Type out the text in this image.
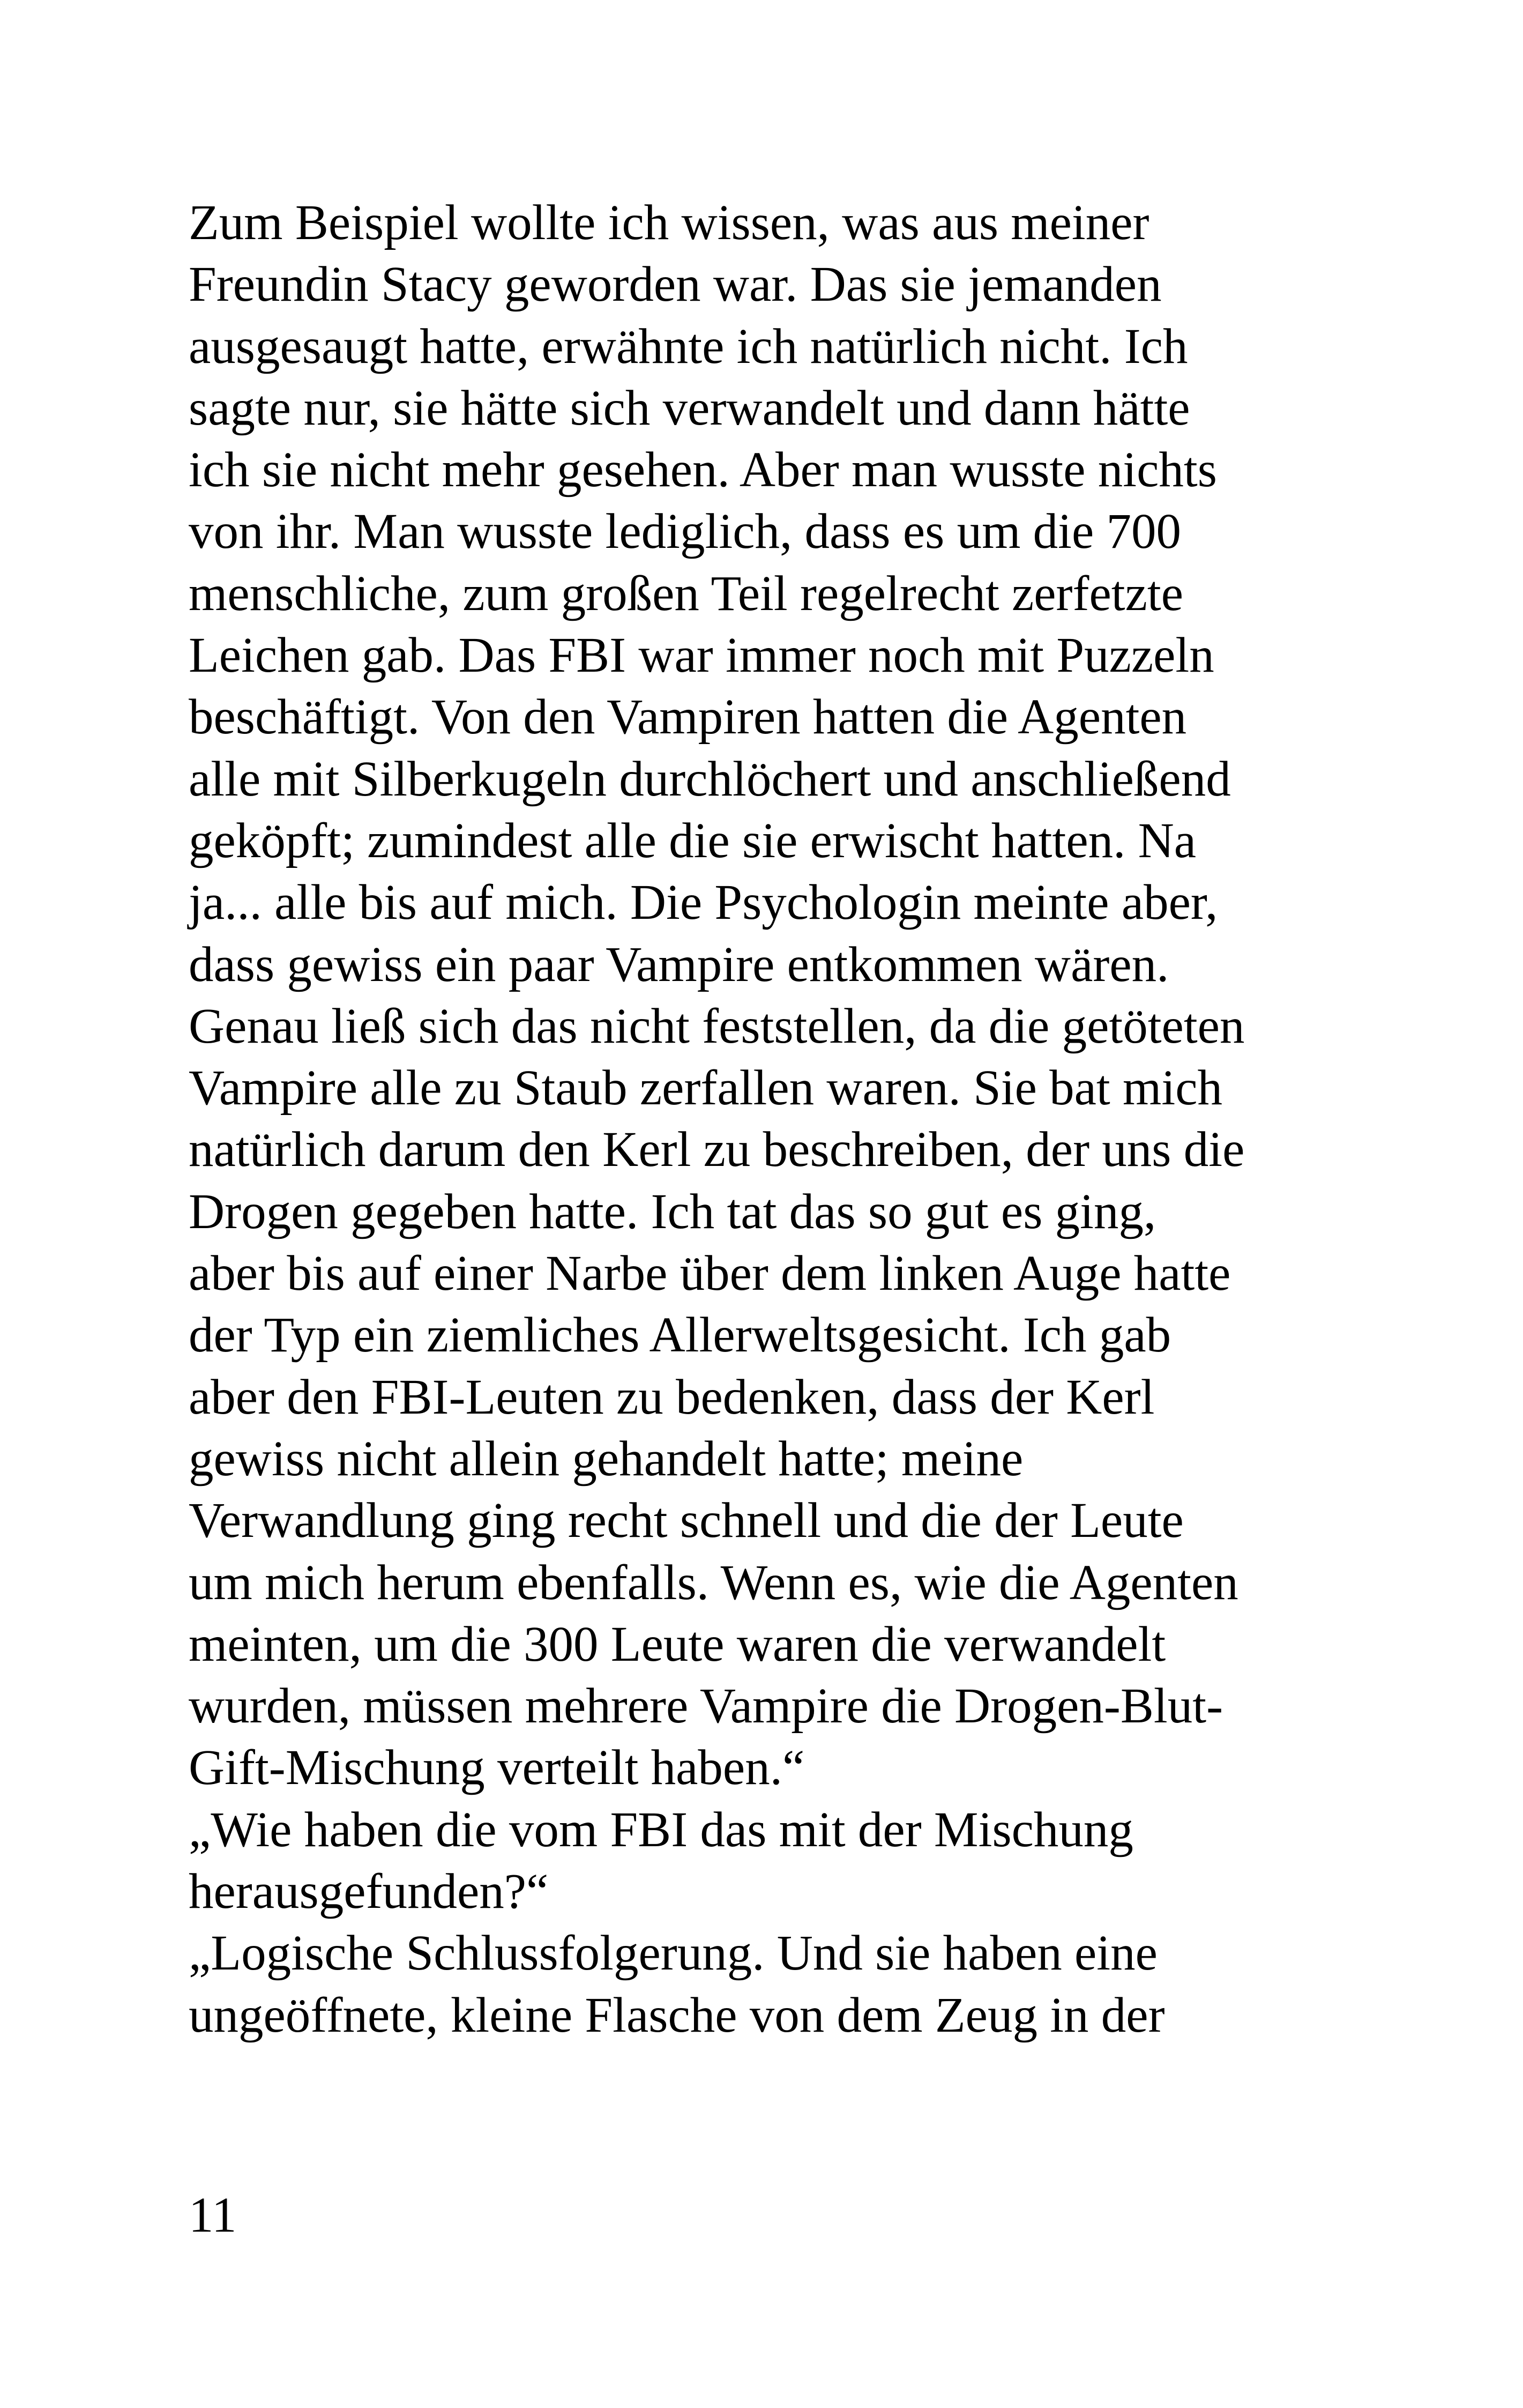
Zum Beispiel wollte ich wissen, was aus meiner
Freundin Stacy geworden war. Das sie jemanden
ausgesaugt hatte, erwähnte ich natürlich nicht. Ich
sagte nur, sie hätte sich verwandelt und dann hätte
ich sie nicht mehr gesehen. Aber man wusste nichts
von ihr. Man wusste lediglich, dass es um die 700
menschliche, zum großen Teil regelrecht zerfetzte
Leichen gab. Das FBI war immer noch mit Puzzeln
beschäftigt. Von den Vampiren hatten die Agenten
alle mit Silberkugeln durchlöchert und anschließend
geköpft; zumindest alle die sie erwischt hatten. Na
ja... alle bis auf mich. Die Psychologin meinte aber,
dass gewiss ein paar Vampire entkommen wären.
Genau ließ sich das nicht feststellen, da die getöteten
Vampire alle zu Staub zerfallen waren. Sie bat mich
natürlich darum den Kerl zu beschreiben, der uns die
Drogen gegeben hatte. Ich tat das so gut es ging,
aber bis auf einer Narbe über dem linken Auge hatte
der Typ ein ziemliches Allerweltsgesicht. Ich gab
aber den FBI-Leuten zu bedenken, dass der Kerl
gewiss nicht allein gehandelt hatte; meine
Verwandlung ging recht schnell und die der Leute
um mich herum ebenfalls. Wenn es, wie die Agenten
meinten, um die 300 Leute waren die verwandelt
wurden, müssen mehrere Vampire die Drogen-Blut-
Gift-Mischung verteilt haben.“
„Wie haben die vom FBI das mit der Mischung
herausgefunden?“
„Logische Schlussfolgerung. Und sie haben eine
ungeöffnete, kleine Flasche von dem Zeug in der
11
